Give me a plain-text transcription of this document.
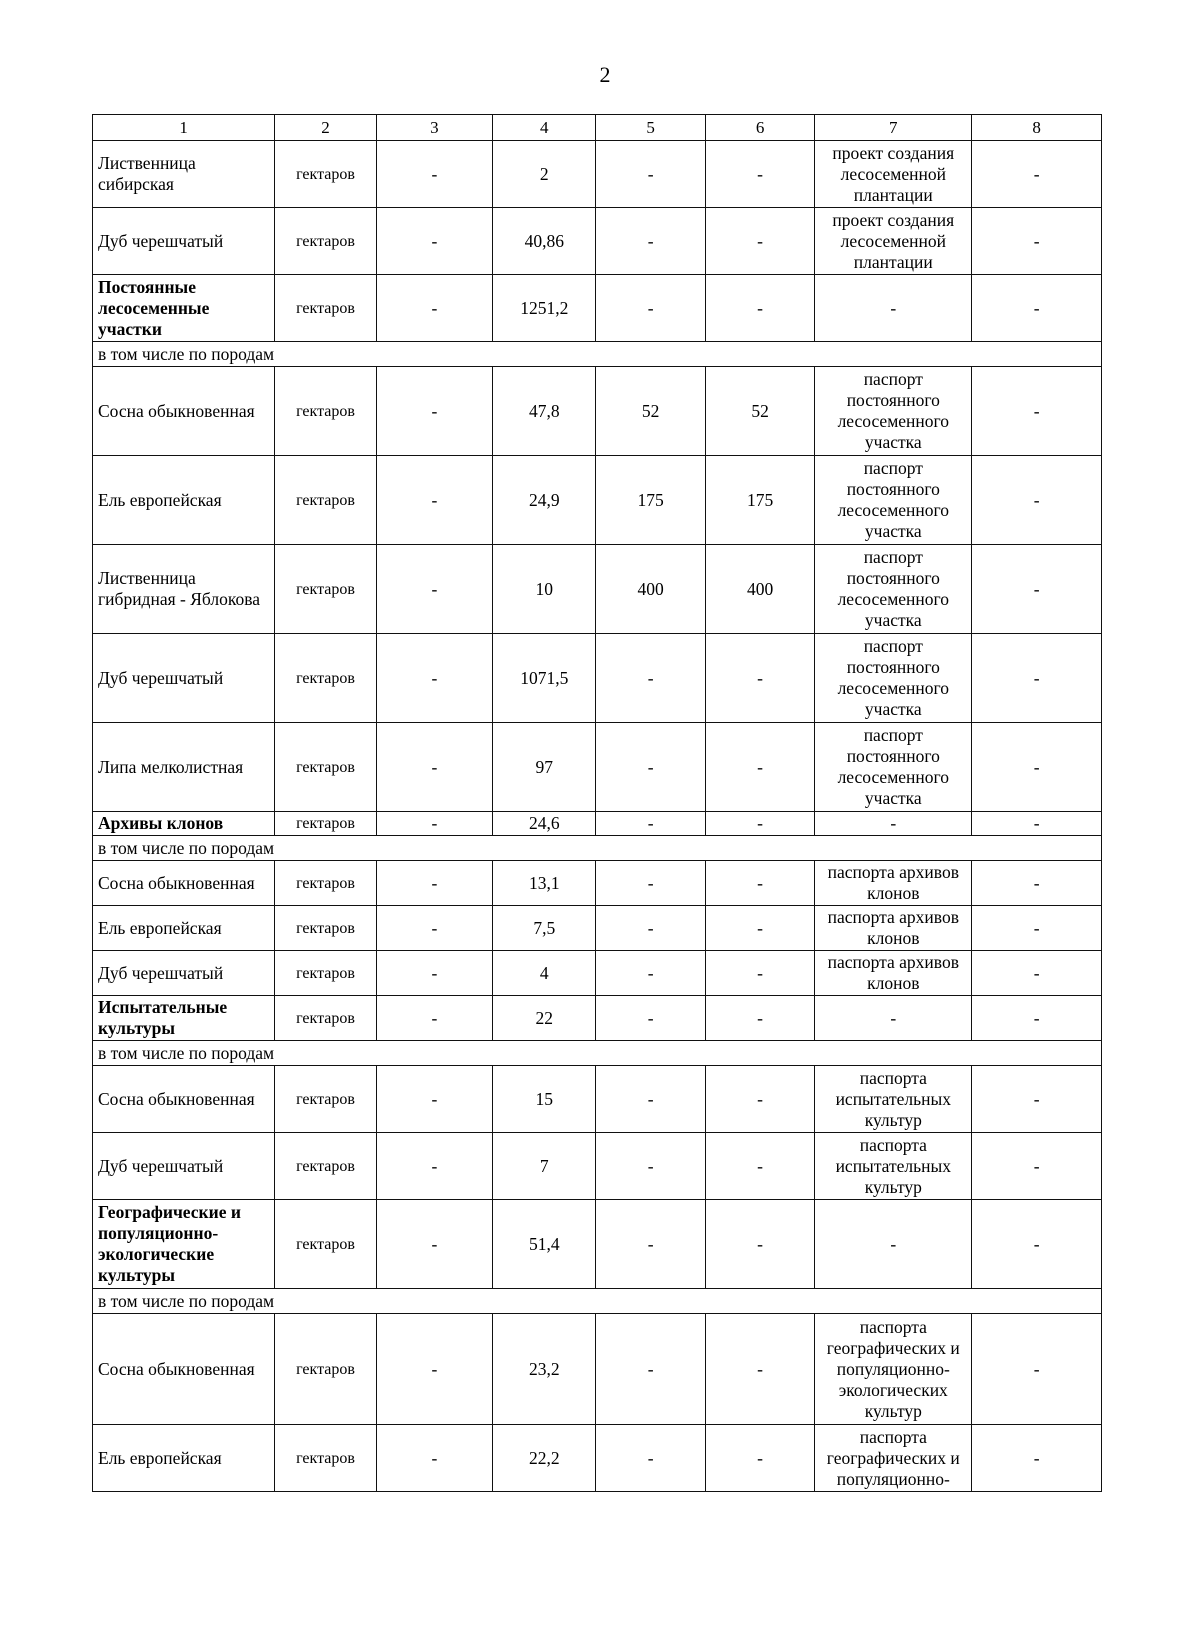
2
1	2	3	4	5	6	7	8
Лиственница сибирская	гектаров	-	2	-	-	проект создания лесосеменной плантации	-
Дуб черешчатый	гектаров	-	40,86	-	-	проект создания лесосеменной плантации	-
Постоянные лесосеменные участки	гектаров	-	1251,2	-	-	-	-
в том числе по породам							
Сосна обыкновенная	гектаров	-	47,8	52	52	паспорт постоянного лесосеменного участка	-
Ель европейская	гектаров	-	24,9	175	175	паспорт постоянного лесосеменного участка	-
Лиственница гибридная - Яблокова	гектаров	-	10	400	400	паспорт постоянного лесосеменного участка	-
Дуб черешчатый	гектаров	-	1071,5	-	-	паспорт постоянного лесосеменного участка	-
Липа мелколистная	гектаров	-	97	-	-	паспорт постоянного лесосеменного участка	-
Архивы клонов	гектаров	-	24,6	-	-	-	-
в том числе по породам							
Сосна обыкновенная	гектаров	-	13,1	-	-	паспорта архивов клонов	-
Ель европейская	гектаров	-	7,5	-	-	паспорта архивов клонов	-
Дуб черешчатый	гектаров	-	4	-	-	паспорта архивов клонов	-
Испытательные культуры	гектаров	-	22	-	-	-	-
в том числе по породам							
Сосна обыкновенная	гектаров	-	15	-	-	паспорта испытательных культур	-
Дуб черешчатый	гектаров	-	7	-	-	паспорта испытательных культур	-
Географические и популяционно-экологические культуры	гектаров	-	51,4	-	-	-	-
в том числе по породам							
Сосна обыкновенная	гектаров	-	23,2	-	-	паспорта географических и популяционно-экологических культур	-
Ель европейская	гектаров	-	22,2	-	-	паспорта географических и популяционно-	-
